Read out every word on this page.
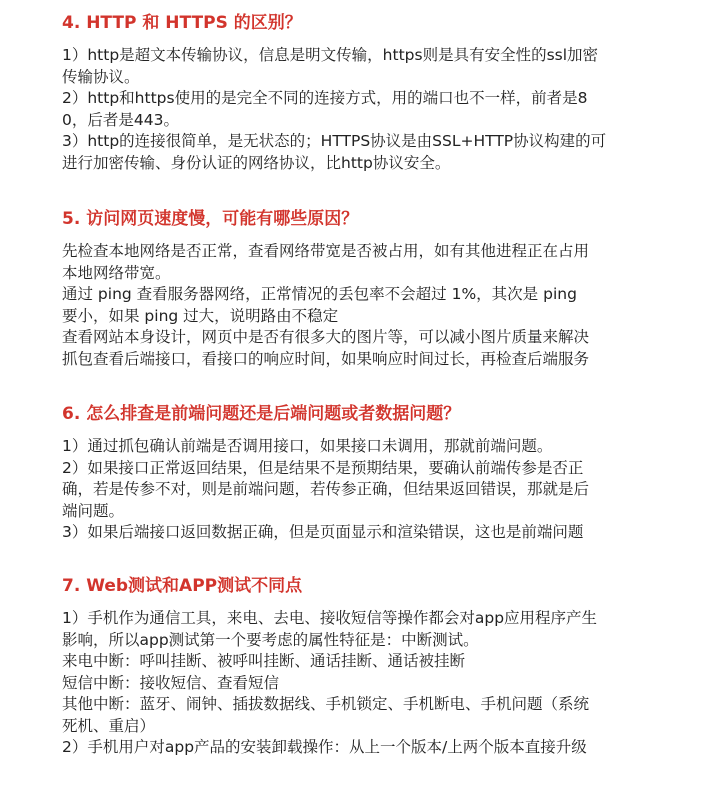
4. HTTP 和 HTTPS 的区别？
1）http是超文本传输协议，信息是明文传输，https则是具有安全性的ssl加密
传输协议。
2）http和https使用的是完全不同的连接方式，用的端口也不一样，前者是8
0，后者是443。
3）http的连接很简单，是无状态的；HTTPS协议是由SSL+HTTP协议构建的可
进行加密传输、身份认证的网络协议，比http协议安全。
5. 访问网页速度慢，可能有哪些原因？
先检查本地网络是否正常，查看网络带宽是否被占用，如有其他进程正在占用
本地网络带宽。
通过 ping 查看服务器网络，正常情况的丢包率不会超过 1%，其次是 ping
要小，如果 ping 过大，说明路由不稳定
查看网站本身设计，网页中是否有很多大的图片等，可以减小图片质量来解决
抓包查看后端接口，看接口的响应时间，如果响应时间过长，再检查后端服务
6. 怎么排查是前端问题还是后端问题或者数据问题？
1）通过抓包确认前端是否调用接口，如果接口未调用，那就前端问题。
2）如果接口正常返回结果，但是结果不是预期结果，要确认前端传参是否正
确，若是传参不对，则是前端问题，若传参正确，但结果返回错误，那就是后
端问题。
3）如果后端接口返回数据正确，但是页面显示和渲染错误，这也是前端问题
7. Web测试和APP测试不同点
1）手机作为通信工具，来电、去电、接收短信等操作都会对app应用程序产生
影响，所以app测试第一个要考虑的属性特征是：中断测试。
来电中断：呼叫挂断、被呼叫挂断、通话挂断、通话被挂断
短信中断：接收短信、查看短信
其他中断：蓝牙、闹钟、插拔数据线、手机锁定、手机断电、手机问题（系统
死机、重启）
2）手机用户对app产品的安装卸载操作：从上一个版本/上两个版本直接升级
